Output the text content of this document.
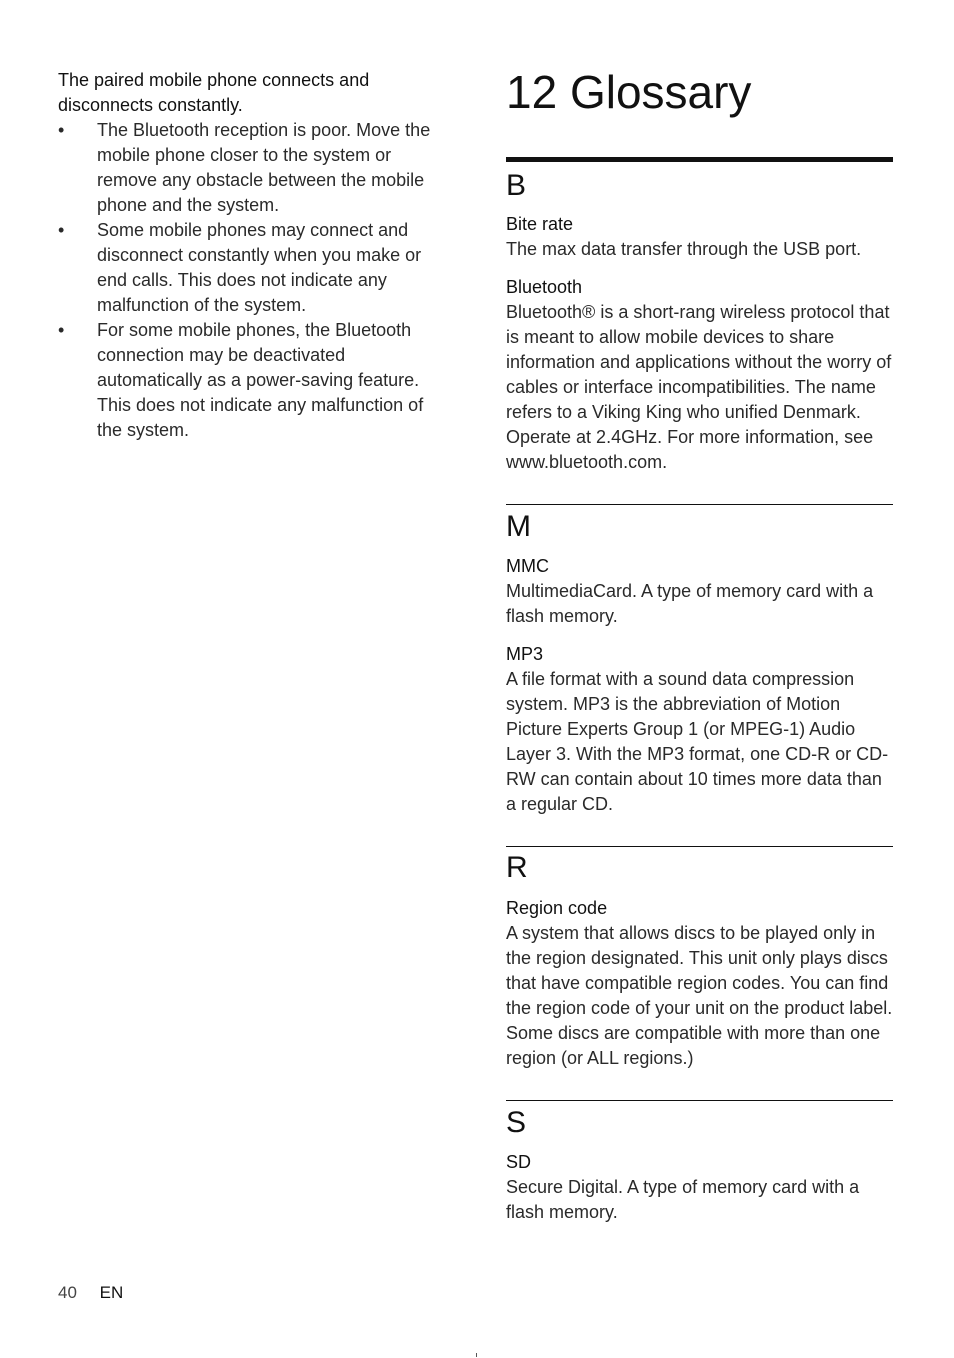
The paired mobile phone connects and disconnects constantly.

• The Bluetooth reception is poor. Move the mobile phone closer to the system or remove any obstacle between the mobile phone and the system.
• Some mobile phones may connect and disconnect constantly when you make or end calls. This does not indicate any malfunction of the system.
• For some mobile phones, the Bluetooth connection may be deactivated automatically as a power-saving feature. This does not indicate any malfunction of the system.
12 Glossary
B

Bite rate

The max data transfer through the USB port.

Bluetooth

Bluetooth® is a short-rang wireless protocol that is meant to allow mobile devices to share information and applications without the worry of cables or interface incompatibilities. The name refers to a Viking King who unified Denmark. Operate at 2.4GHz. For more information, see www.bluetooth.com.

M

MMC

MultimediaCard. A type of memory card with a flash memory.

MP3

A file format with a sound data compression system. MP3 is the abbreviation of Motion Picture Experts Group 1 (or MPEG-1) Audio Layer 3. With the MP3 format, one CD-R or CD-RW can contain about 10 times more data than a regular CD.

R

Region code

A system that allows discs to be played only in the region designated. This unit only plays discs that have compatible region codes. You can find the region code of your unit on the product label. Some discs are compatible with more than one region (or ALL regions.)

S

SD

Secure Digital. A type of memory card with a flash memory.

40 EN
